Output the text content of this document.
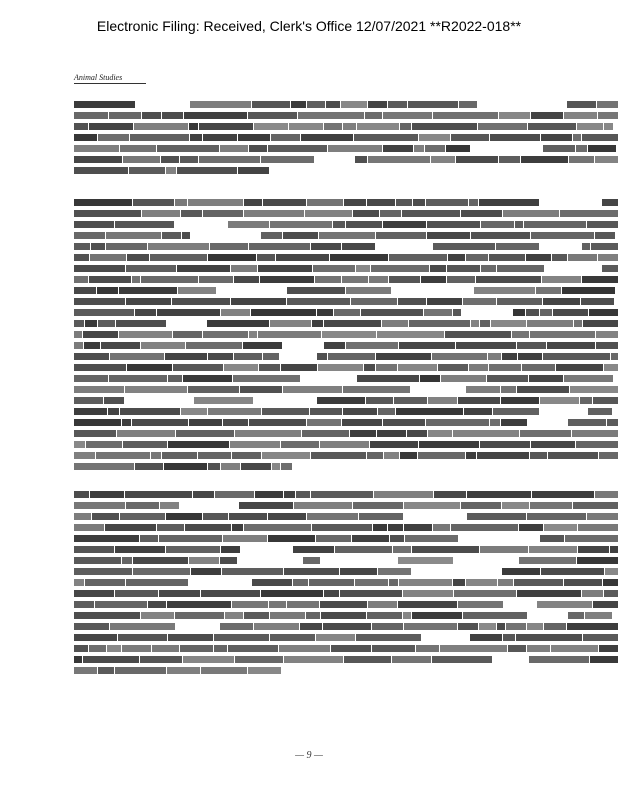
Electronic Filing: Received, Clerk's Office 12/07/2021 **R2022-018**
Animal Studies
— 9 —
